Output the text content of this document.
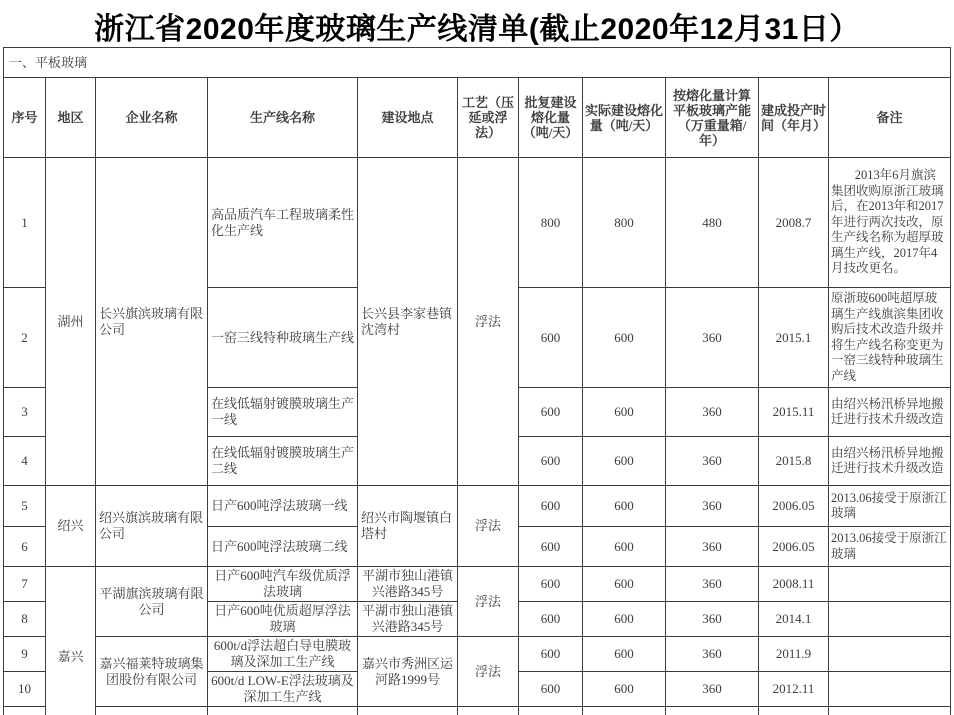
浙江省2020年度玻璃生产线清单(截止2020年12月31日）
一、平板玻璃										
序号	地区	企业名称	生产线名称	建设地点	工艺（压延或浮法）	批复建设熔化量（吨/天）	实际建设熔化量（吨/天）	按熔化量计算平板玻璃产能（万重量箱/年）	建成投产时间（年月）	备注
1	湖州	长兴旗滨玻璃有限公司	高品质汽车工程玻璃柔性化生产线	长兴县李家巷镇沈湾村	浮法	800	800	480	2008.7	2013年6月旗滨集团收购原浙江玻璃后，在2013年和2017年进行两次技改，原生产线名称为超厚玻璃生产线，2017年4月技改更名。
2			一窑三线特种玻璃生产线			600	600	360	2015.1	原浙玻600吨超厚玻璃生产线旗滨集团收购后技术改造升级并将生产线名称变更为一窑三线特种玻璃生产线
3			在线低辐射镀膜玻璃生产一线			600	600	360	2015.11	由绍兴杨汛桥异地搬迁进行技术升级改造
4			在线低辐射镀膜玻璃生产二线			600	600	360	2015.8	由绍兴杨汛桥异地搬迁进行技术升级改造
5	绍兴	绍兴旗滨玻璃有限公司	日产600吨浮法玻璃一线	绍兴市陶堰镇白塔村	浮法	600	600	360	2006.05	2013.06接受于原浙江玻璃
6			日产600吨浮法玻璃二线			600	600	360	2006.05	2013.06接受于原浙江玻璃
7	嘉兴	平湖旗滨玻璃有限公司	日产600吨汽车级优质浮法玻璃	平湖市独山港镇兴港路345号	浮法	600	600	360	2008.11	
8			日产600吨优质超厚浮法玻璃	平湖市独山港镇兴港路345号		600	600	360	2014.1	
9		嘉兴福莱特玻璃集团股份有限公司	600t/d浮法超白导电膜玻璃及深加工生产线	嘉兴市秀洲区运河路1999号	浮法	600	600	360	2011.9	
10			600t/d LOW-E浮法玻璃及深加工生产线			600	600	360	2012.11	
